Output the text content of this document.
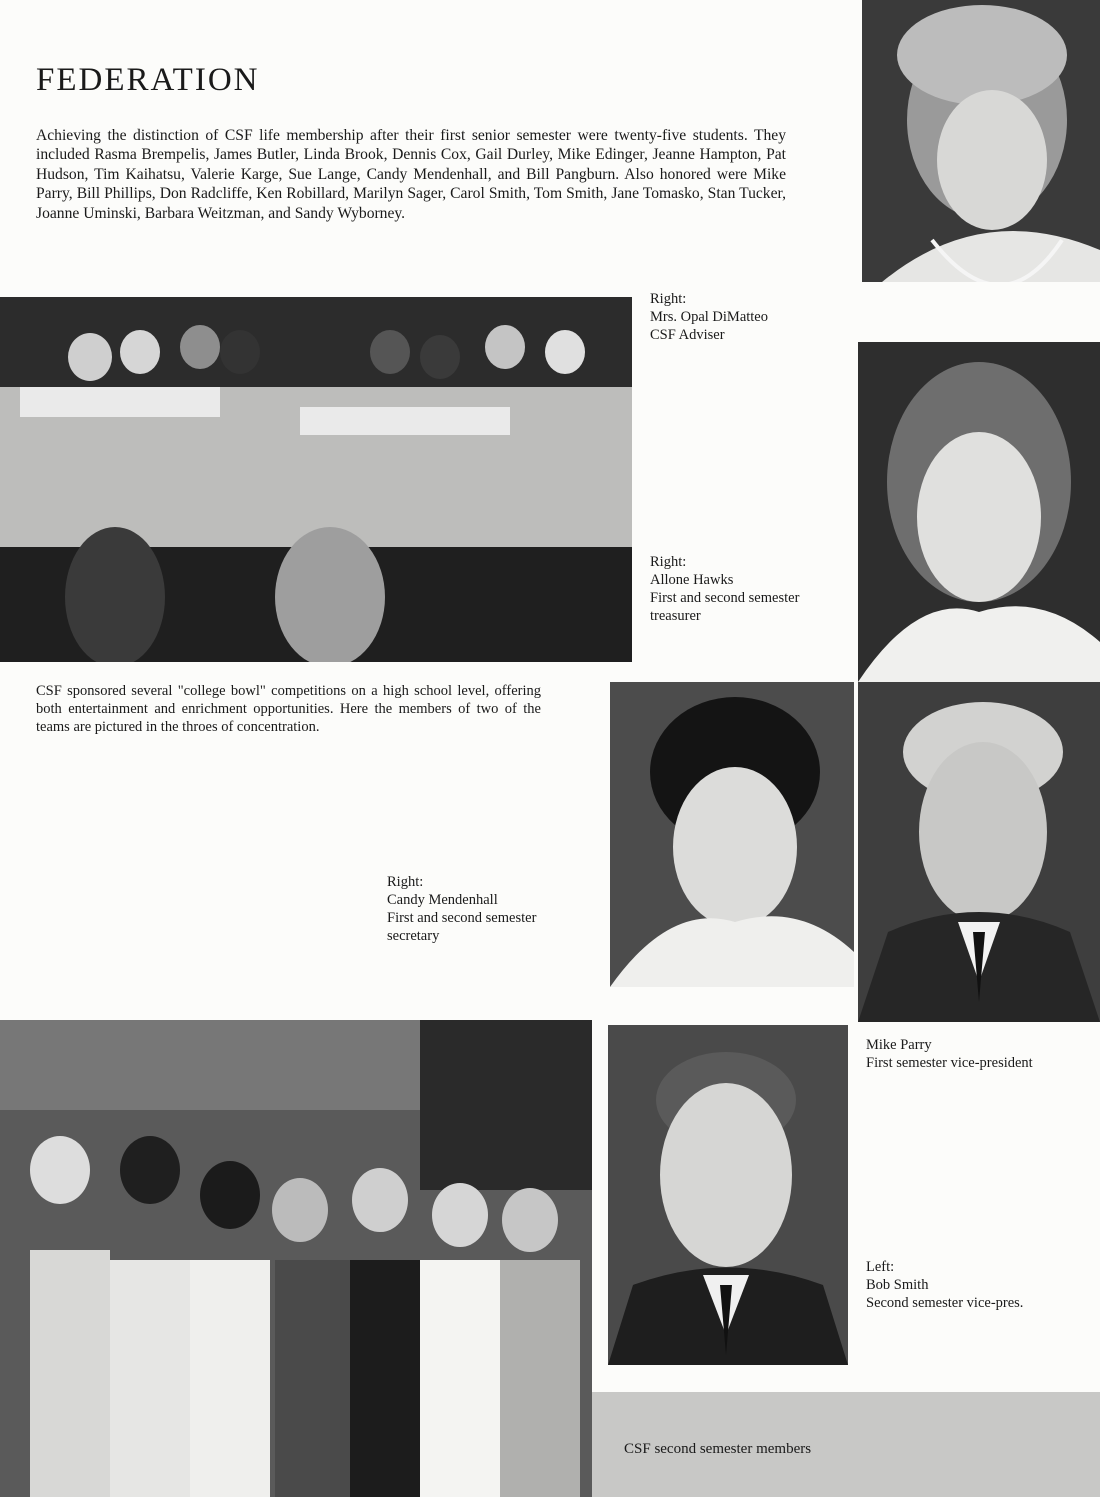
FEDERATION

Achieving the distinction of CSF life membership after their first senior semester were twenty-five students. They included Rasma Brempelis, James Butler, Linda Brook, Dennis Cox, Gail Durley, Mike Edinger, Jeanne Hampton, Pat Hudson, Tim Kaihatsu, Valerie Karge, Sue Lange, Candy Mendenhall, and Bill Pangburn. Also honored were Mike Parry, Bill Phillips, Don Radcliffe, Ken Robillard, Marilyn Sager, Carol Smith, Tom Smith, Jane Tomasko, Stan Tucker, Joanne Uminski, Barbara Weitzman, and Sandy Wyborney.

Right:
Mrs. Opal DiMatteo
CSF Adviser

Right:
Allone Hawks
First and second semester treasurer

CSF sponsored several "college bowl" competitions on a high school level, offering both entertainment and enrichment opportunities. Here the members of two of the teams are pictured in the throes of concentration.

Right:
Candy Mendenhall
First and second semester
secretary

Mike Parry
First semester vice-president

Left:
Bob Smith
Second semester vice-pres.

CSF second semester members
